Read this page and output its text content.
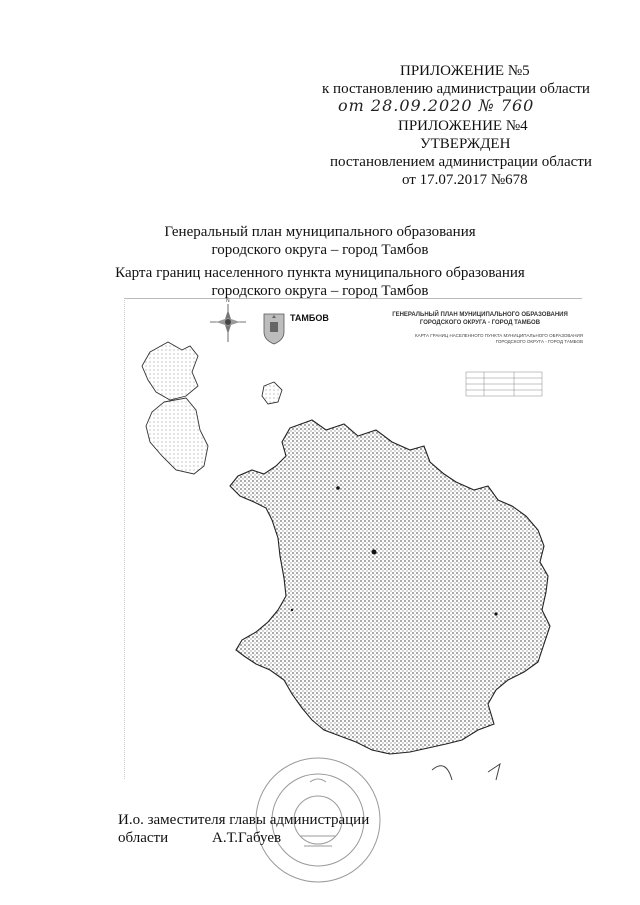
ПРИЛОЖЕНИЕ №5
к постановлению администрации области
от 28.09.2020 № 760
ПРИЛОЖЕНИЕ №4
УТВЕРЖДЕН
постановлением администрации области
от 17.07.2017 №678
Генеральный план муниципального образования
городского округа – город Тамбов
Карта границ населенного пункта муниципального образования
городского округа – город Тамбов
N
ТАМБОВ	ГЕНЕРАЛЬНЫЙ ПЛАН МУНИЦИПАЛЬНОГО ОБРАЗОВАНИЯ
ГОРОДСКОГО ОКРУГА - ГОРОД ТАМБОВ
КАРТА ГРАНИЦ НАСЕЛЕННОГО ПУНКТА МУНИЦИПАЛЬНОГО ОБРАЗОВАНИЯ
ГОРОДСКОГО ОКРУГА - ГОРОД ТАМБОВ
И.о. заместителя главы администрации
области	А.Т.Габуев
